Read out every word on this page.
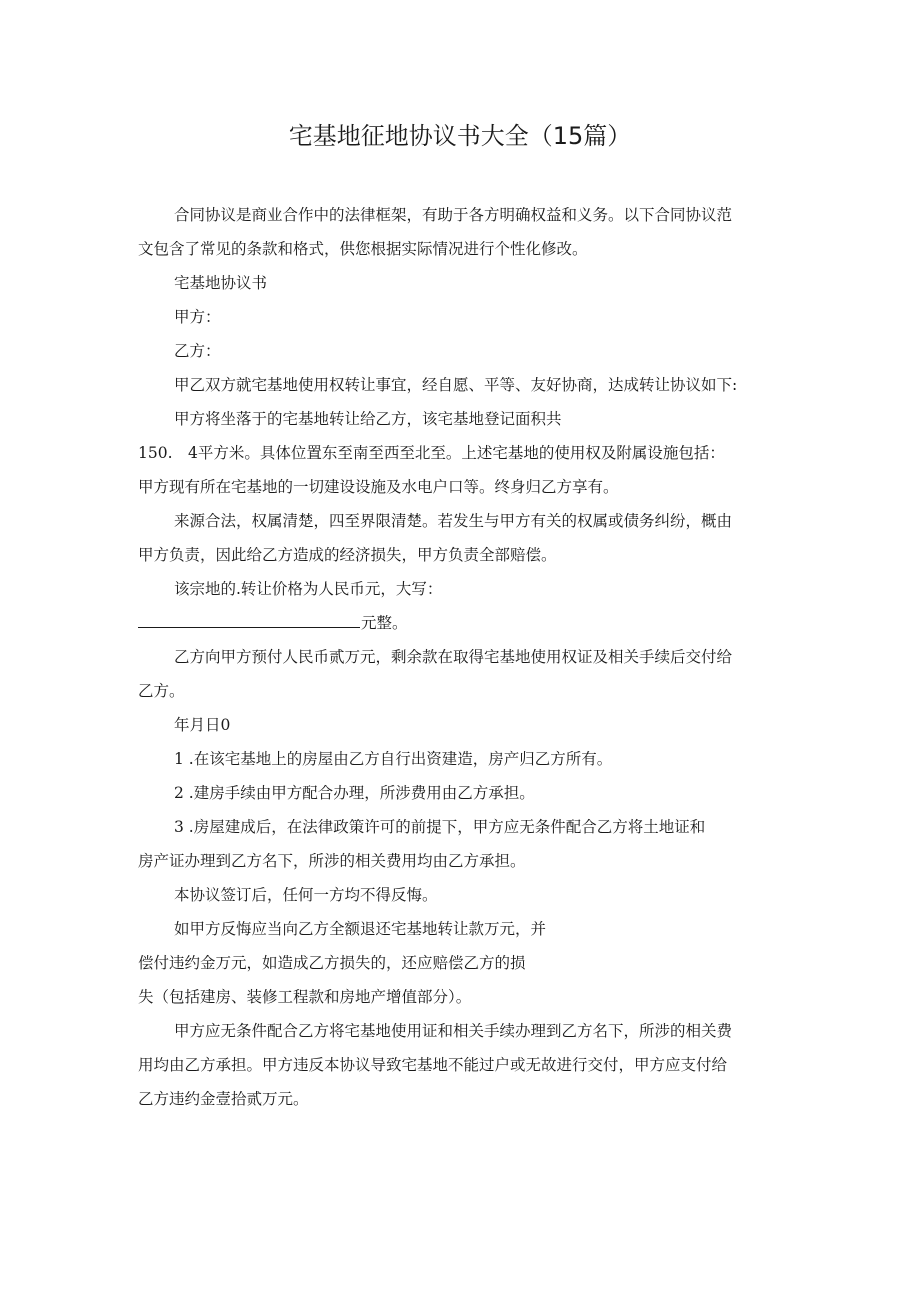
宅基地征地协议书大全（15篇）

合同协议是商业合作中的法律框架，有助于各方明确权益和义务。以下合同协议范

文包含了常见的条款和格式，供您根据实际情况进行个性化修改。

宅基地协议书

甲方：

乙方：

甲乙双方就宅基地使用权转让事宜，经自愿、平等、友好协商，达成转让协议如下:

甲方将坐落于的宅基地转让给乙方，该宅基地登记面积共

150.　4平方米。具体位置东至南至西至北至。上述宅基地的使用权及附属设施包括：

甲方现有所在宅基地的一切建设设施及水电户口等。终身归乙方享有。

来源合法，权属清楚，四至界限清楚。若发生与甲方有关的权属或债务纠纷，概由

甲方负责，因此给乙方造成的经济损失，甲方负责全部赔偿。

该宗地的.转让价格为人民币元，大写：

元整。

乙方向甲方预付人民币贰万元，剩余款在取得宅基地使用权证及相关手续后交付给

乙方。

年月日0

1 .在该宅基地上的房屋由乙方自行出资建造，房产归乙方所有。

2 .建房手续由甲方配合办理，所涉费用由乙方承担。

3 .房屋建成后，在法律政策许可的前提下，甲方应无条件配合乙方将土地证和

房产证办理到乙方名下，所涉的相关费用均由乙方承担。

本协议签订后，任何一方均不得反悔。

如甲方反悔应当向乙方全额退还宅基地转让款万元，并

偿付违约金万元，如造成乙方损失的，还应赔偿乙方的损

失（包括建房、装修工程款和房地产增值部分）。

甲方应无条件配合乙方将宅基地使用证和相关手续办理到乙方名下，所涉的相关费

用均由乙方承担。甲方违反本协议导致宅基地不能过户或无故进行交付，甲方应支付给

乙方违约金壹拾贰万元。
